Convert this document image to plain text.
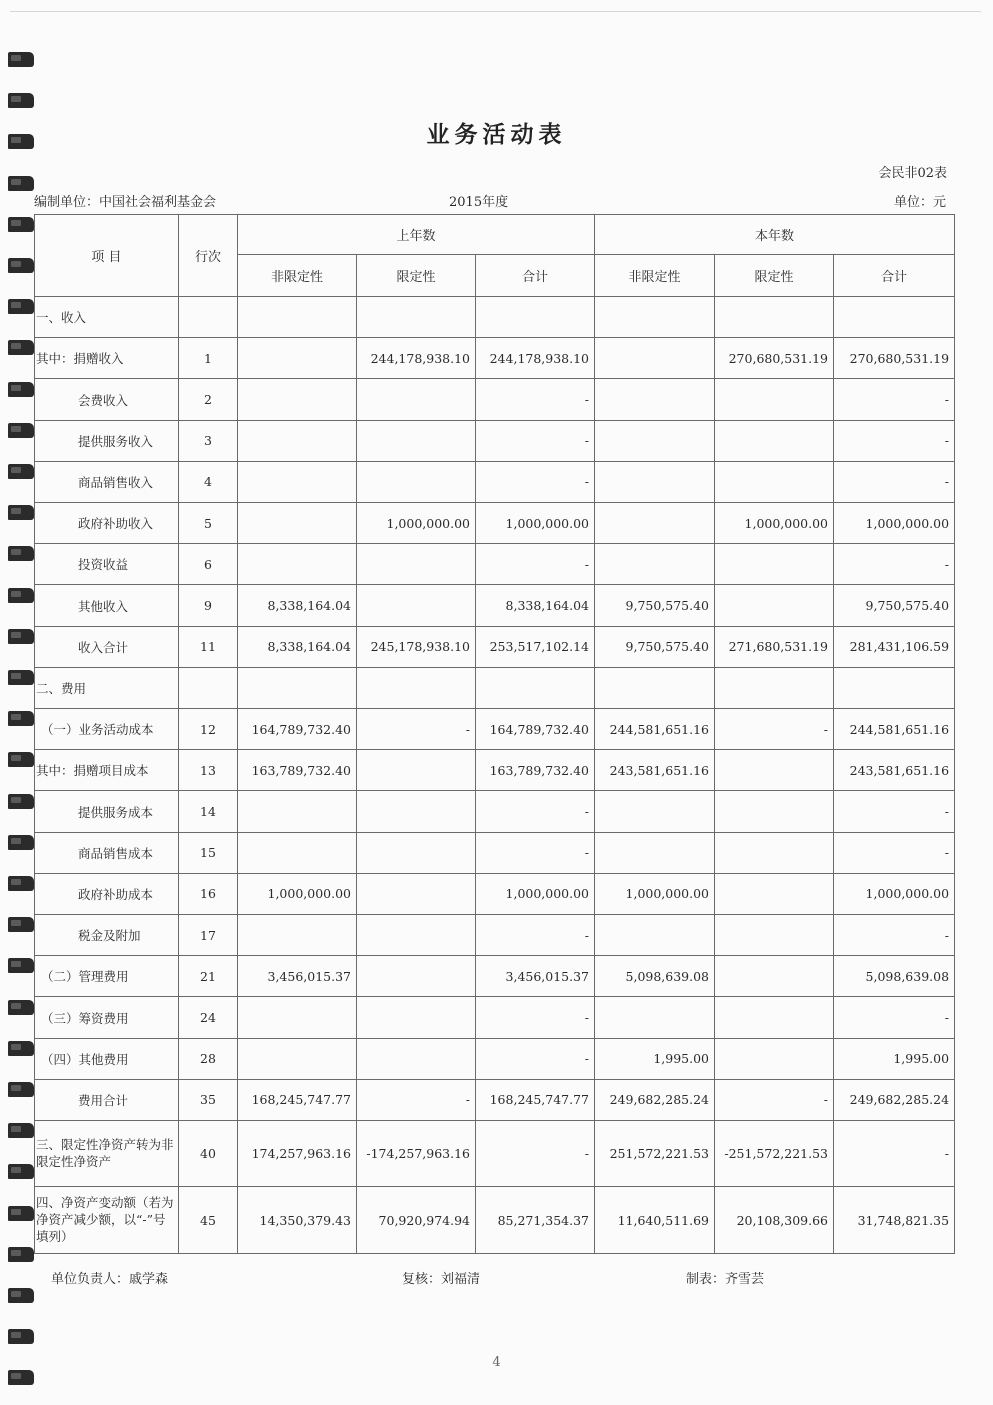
业务活动表
会民非02表
编制单位：中国社会福利基金会	2015年度	单位：元
项 目	行次	上年数			本年数		
		非限定性	限定性	合计	非限定性	限定性	合计
一、收入							
其中：捐赠收入	1		244,178,938.10	244,178,938.10		270,680,531.19	270,680,531.19
会费收入	2			-			-
提供服务收入	3			-			-
商品销售收入	4			-			-
政府补助收入	5		1,000,000.00	1,000,000.00		1,000,000.00	1,000,000.00
投资收益	6			-			-
其他收入	9	8,338,164.04		8,338,164.04	9,750,575.40		9,750,575.40
收入合计	11	8,338,164.04	245,178,938.10	253,517,102.14	9,750,575.40	271,680,531.19	281,431,106.59
二、费用							
（一）业务活动成本	12	164,789,732.40	-	164,789,732.40	244,581,651.16	-	244,581,651.16
其中：捐赠项目成本	13	163,789,732.40		163,789,732.40	243,581,651.16		243,581,651.16
提供服务成本	14			-			-
商品销售成本	15			-			-
政府补助成本	16	1,000,000.00		1,000,000.00	1,000,000.00		1,000,000.00
税金及附加	17			-			-
（二）管理费用	21	3,456,015.37		3,456,015.37	5,098,639.08		5,098,639.08
（三）筹资费用	24			-			-
（四）其他费用	28			-	1,995.00		1,995.00
费用合计	35	168,245,747.77	-	168,245,747.77	249,682,285.24	-	249,682,285.24
三、限定性净资产转为非限定性净资产	40	174,257,963.16	-174,257,963.16	-	251,572,221.53	-251,572,221.53	-
四、净资产变动额（若为净资产减少额，以“-”号填列）	45	14,350,379.43	70,920,974.94	85,271,354.37	11,640,511.69	20,108,309.66	31,748,821.35
单位负责人：戚学森	复核：刘福清	制表：齐雪芸
4
